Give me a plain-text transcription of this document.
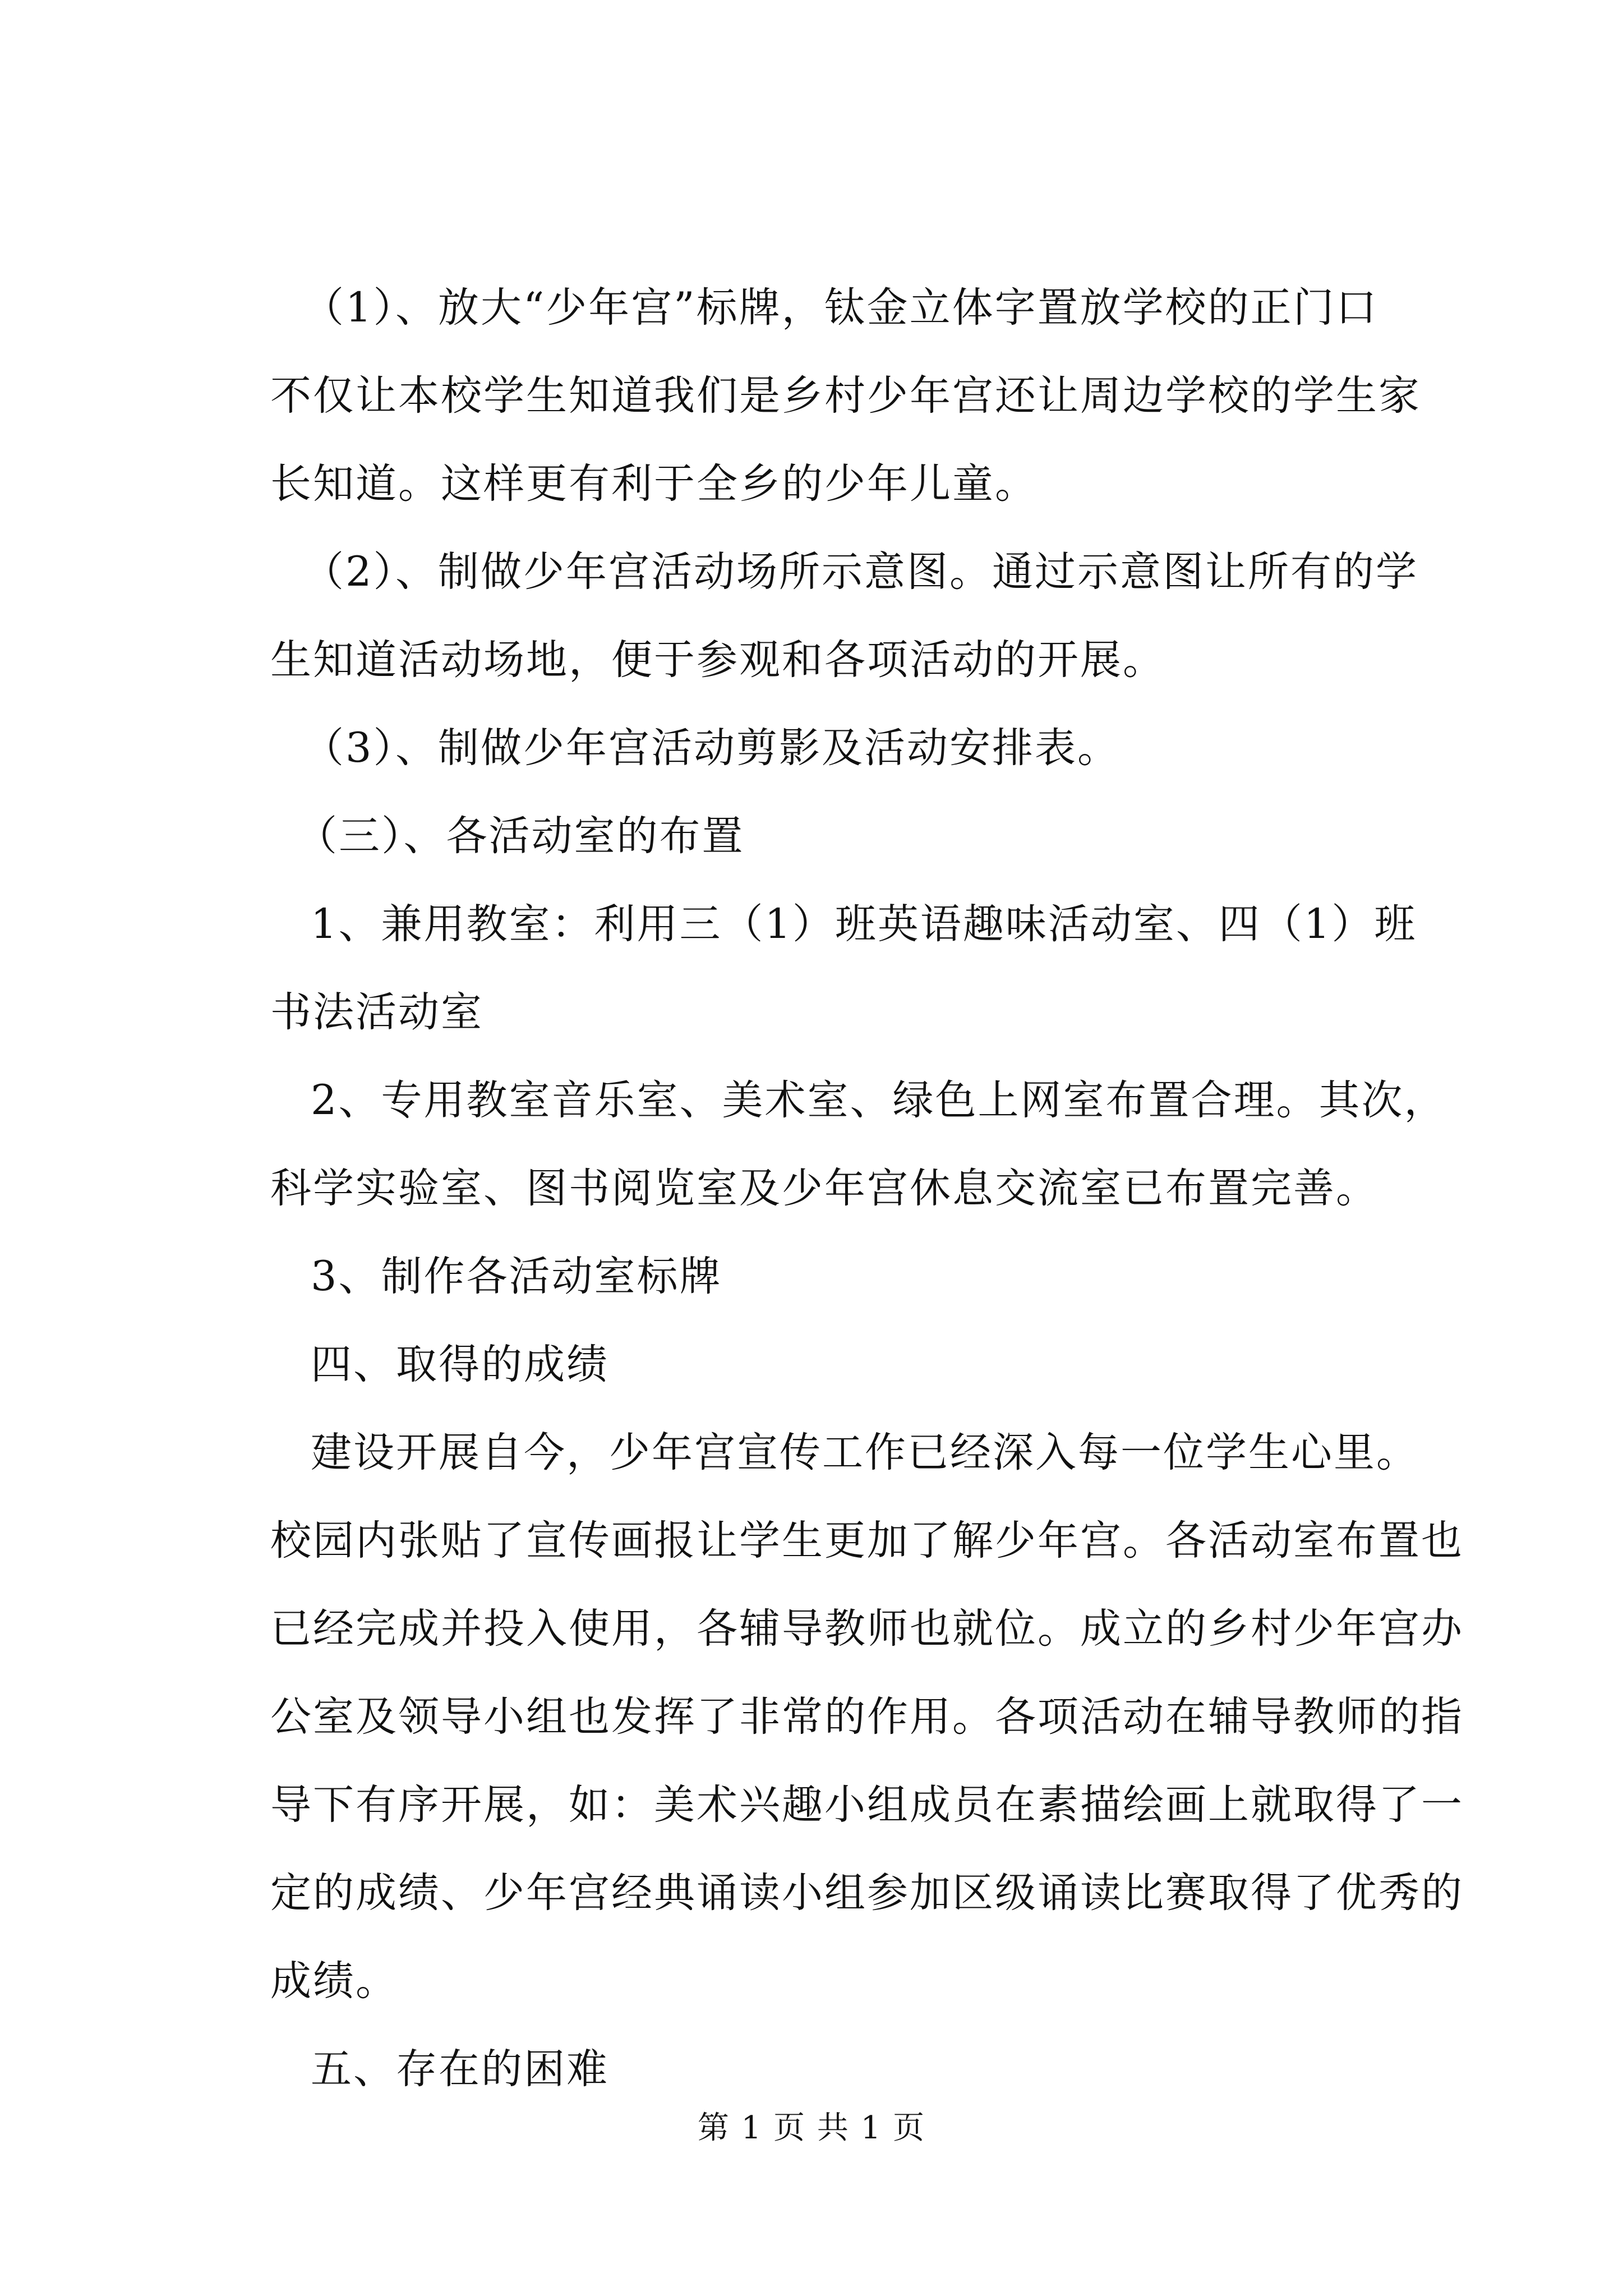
（1）、放大“少年宫”标牌，钛金立体字置放学校的正门口
不仅让本校学生知道我们是乡村少年宫还让周边学校的学生家
长知道。这样更有利于全乡的少年儿童。
（2）、制做少年宫活动场所示意图。通过示意图让所有的学
生知道活动场地，便于参观和各项活动的开展。
（3）、制做少年宫活动剪影及活动安排表。
（三）、各活动室的布置
1、兼用教室：利用三（1）班英语趣味活动室、四（1）班
书法活动室
2、专用教室音乐室、美术室、绿色上网室布置合理。其次，
科学实验室、图书阅览室及少年宫休息交流室已布置完善。
3、制作各活动室标牌
四、取得的成绩
建设开展自今，少年宫宣传工作已经深入每一位学生心里。
校园内张贴了宣传画报让学生更加了解少年宫。各活动室布置也
已经完成并投入使用，各辅导教师也就位。成立的乡村少年宫办
公室及领导小组也发挥了非常的作用。各项活动在辅导教师的指
导下有序开展，如：美术兴趣小组成员在素描绘画上就取得了一
定的成绩、少年宫经典诵读小组参加区级诵读比赛取得了优秀的
成绩。
五、存在的困难
第 1 页 共 1 页
